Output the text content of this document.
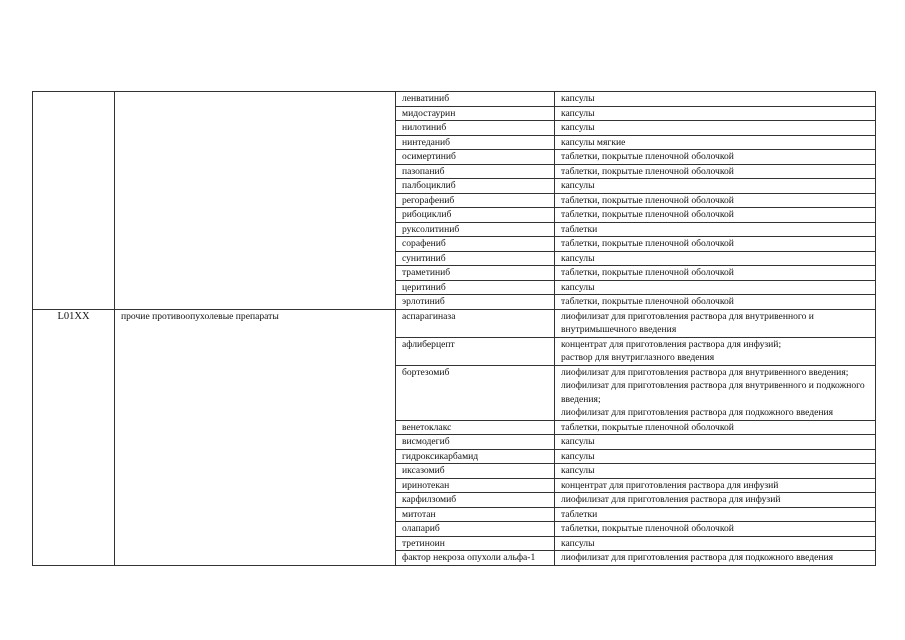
		ленватиниб	капсулы

		мидостаурин	капсулы

		нилотиниб	капсулы

		нинтеданиб	капсулы мягкие

		осимертиниб	таблетки, покрытые пленочной оболочкой

		пазопаниб	таблетки, покрытые пленочной оболочкой

		палбоциклиб	капсулы

		регорафениб	таблетки, покрытые пленочной оболочкой

		рибоциклиб	таблетки, покрытые пленочной оболочкой

		руксолитиниб	таблетки

		сорафениб	таблетки, покрытые пленочной оболочкой

		сунитиниб	капсулы

		траметиниб	таблетки, покрытые пленочной оболочкой

		церитиниб	капсулы

		эрлотиниб	таблетки, покрытые пленочной оболочкой

L01XX	прочие противоопухолевые препараты	аспарагиназа	лиофилизат для приготовления раствора для внутривенного и внутримышечного введения

		афлиберцепт	концентрат для приготовления раствора для инфузий;
раствор для внутриглазного введения

		бортезомиб	лиофилизат для приготовления раствора для внутривенного введения;
лиофилизат для приготовления раствора для внутривенного и подкожного введения;
лиофилизат для приготовления раствора для подкожного введения

		венетоклакс	таблетки, покрытые пленочной оболочкой

		висмодегиб	капсулы

		гидроксикарбамид	капсулы

		иксазомиб	капсулы

		иринотекан	концентрат для приготовления раствора для инфузий

		карфилзомиб	лиофилизат для приготовления раствора для инфузий

		митотан	таблетки

		олапариб	таблетки, покрытые пленочной оболочкой

		третиноин	капсулы

		фактор некроза опухоли альфа-1	лиофилизат для приготовления раствора для подкожного введения
